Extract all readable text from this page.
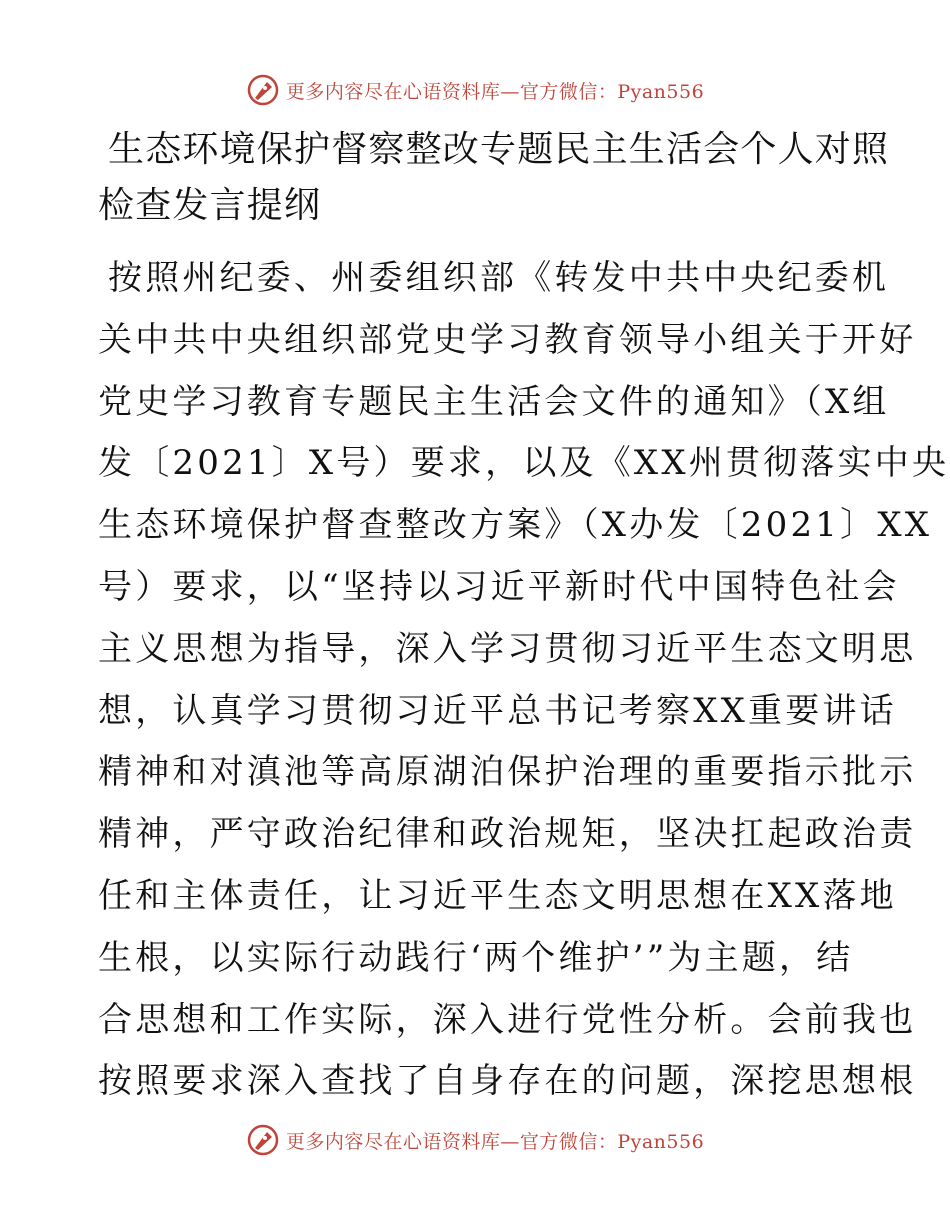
更多内容尽在心语资料库—官方微信：Pyan556
生态环境保护督察整改专题民主生活会个人对照
检查发言提纲
按照州纪委、州委组织部《转发中共中央纪委机
关中共中央组织部党史学习教育领导小组关于开好
党史学习教育专题民主生活会文件的通知》（X组
发〔2021〕X号）要求，以及《XX州贯彻落实中央
生态环境保护督查整改方案》（X办发〔2021〕XX
号）要求，以“坚持以习近平新时代中国特色社会
主义思想为指导，深入学习贯彻习近平生态文明思
想，认真学习贯彻习近平总书记考察XX重要讲话
精神和对滇池等高原湖泊保护治理的重要指示批示
精神，严守政治纪律和政治规矩，坚决扛起政治责
任和主体责任，让习近平生态文明思想在XX落地
生根，以实际行动践行‘两个维护’”为主题，结
合思想和工作实际，深入进行党性分析。会前我也
按照要求深入查找了自身存在的问题，深挖思想根
更多内容尽在心语资料库—官方微信：Pyan556
